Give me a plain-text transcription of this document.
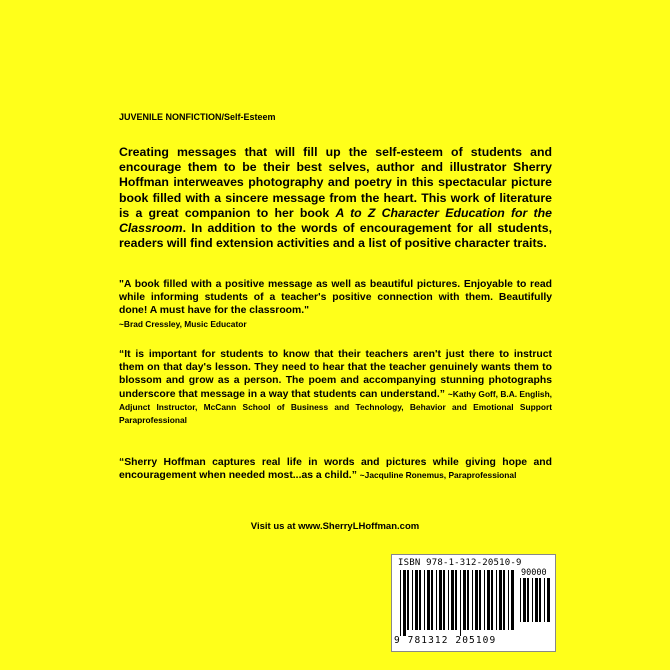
JUVENILE NONFICTION/Self-Esteem

Creating messages that will fill up the self-esteem of students and encourage them to be their best selves, author and illustrator Sherry Hoffman interweaves photography and poetry in this spectacular picture book filled with a sincere message from the heart. This work of literature is a great companion to her book A to Z Character Education for the Classroom. In addition to the words of encouragement for all students, readers will find extension activities and a list of positive character traits.

"A book filled with a positive message as well as beautiful pictures. Enjoyable to read while informing students of a teacher's positive connection with them. Beautifully done! A must have for the classroom."
~Brad Cressley, Music Educator

“It is important for students to know that their teachers aren't just there to instruct them on that day's lesson. They need to hear that the teacher genuinely wants them to blossom and grow as a person. The poem and accompanying stunning photographs underscore that message in a way that students can understand.” ~Kathy Goff, B.A. English, Adjunct Instructor, McCann School of Business and Technology, Behavior and Emotional Support Paraprofessional

“Sherry Hoffman captures real life in words and pictures while giving hope and encouragement when needed most...as a child.” ~Jacquline Ronemus, Paraprofessional

Visit us at www.SherryLHoffman.com

ISBN 978-1-312-20510-9
90000
9 781312 205109
